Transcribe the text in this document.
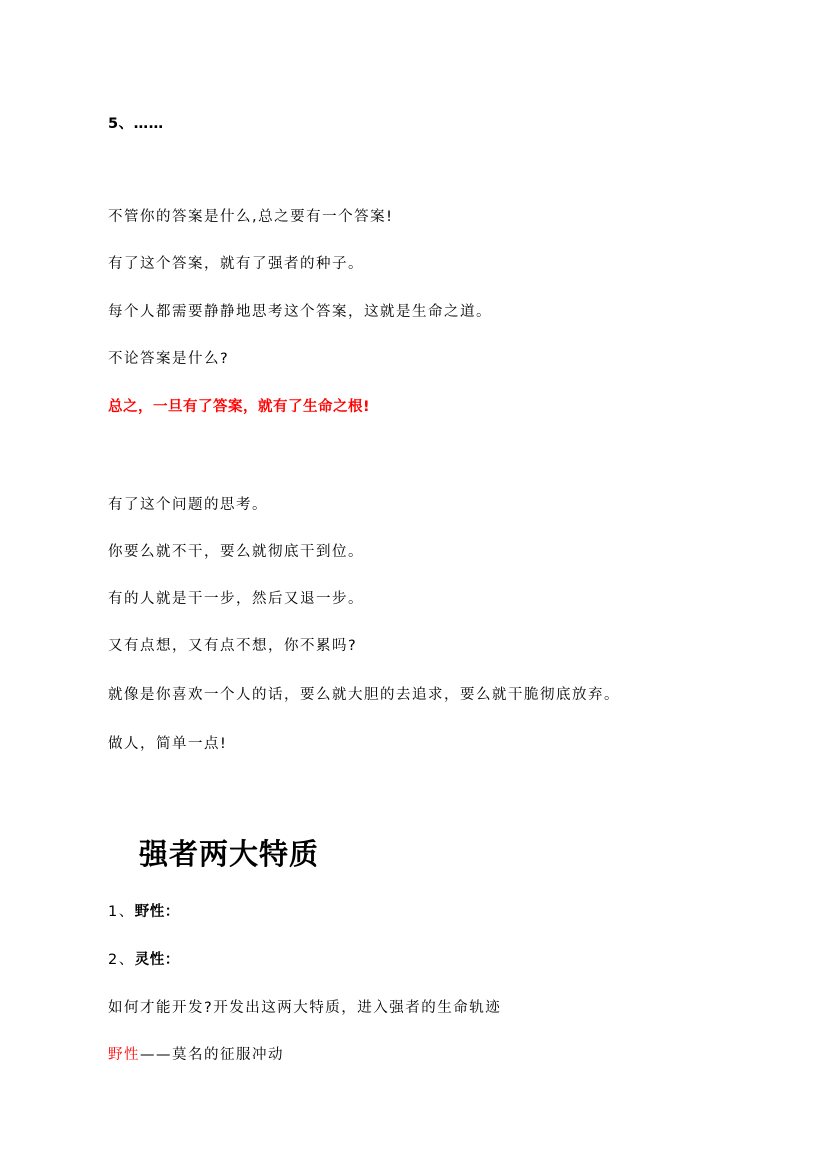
5、……
不管你的答案是什么,总之要有一个答案!
有了这个答案，就有了强者的种子。
每个人都需要静静地思考这个答案，这就是生命之道。
不论答案是什么?
总之，一旦有了答案，就有了生命之根!
有了这个问题的思考。
你要么就不干，要么就彻底干到位。
有的人就是干一步，然后又退一步。
又有点想，又有点不想，你不累吗?
就像是你喜欢一个人的话，要么就大胆的去追求，要么就干脆彻底放弃。
做人，简单一点!
强者两大特质
1、野性：
2、灵性：
如何才能开发?开发出这两大特质，进入强者的生命轨迹
野性——莫名的征服冲动
